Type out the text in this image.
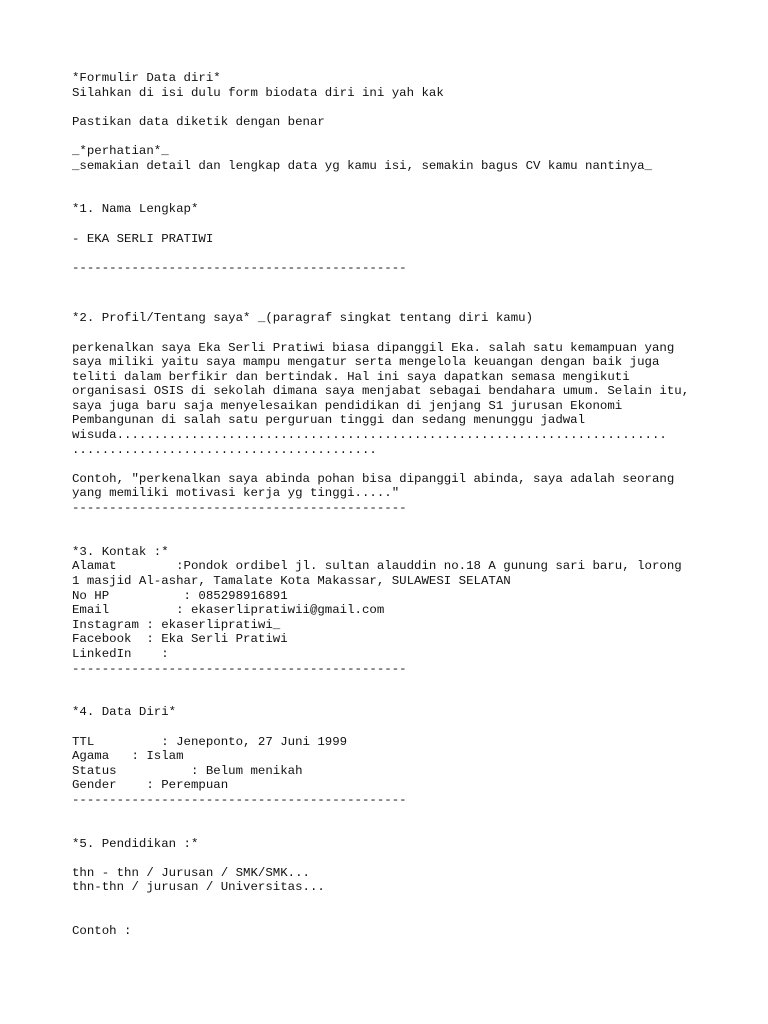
*Formulir Data diri*
Silahkan di isi dulu form biodata diri ini yah kak
Pastikan data diketik dengan benar
_*perhatian*_
_semakian detail dan lengkap data yg kamu isi, semakin bagus CV kamu nantinya_
*1. Nama Lengkap*
- EKA SERLI PRATIWI
---------------------------------------------
*2. Profil/Tentang saya* _(paragraf singkat tentang diri kamu)
perkenalkan saya Eka Serli Pratiwi biasa dipanggil Eka. salah satu kemampuan yang
saya miliki yaitu saya mampu mengatur serta mengelola keuangan dengan baik juga
teliti dalam berfikir dan bertindak. Hal ini saya dapatkan semasa mengikuti
organisasi OSIS di sekolah dimana saya menjabat sebagai bendahara umum. Selain itu,
saya juga baru saja menyelesaikan pendidikan di jenjang S1 jurusan Ekonomi
Pembangunan di salah satu perguruan tinggi dan sedang menunggu jadwal
wisuda..........................................................................
.........................................
Contoh, "perkenalkan saya abinda pohan bisa dipanggil abinda, saya adalah seorang
yang memiliki motivasi kerja yg tinggi....."
---------------------------------------------
*3. Kontak :*
Alamat        :Pondok ordibel jl. sultan alauddin no.18 A gunung sari baru, lorong
1 masjid Al-ashar, Tamalate Kota Makassar, SULAWESI SELATAN
No HP          : 085298916891
Email         : ekaserlipratiwii@gmail.com
Instagram : ekaserlipratiwi_
Facebook  : Eka Serli Pratiwi
LinkedIn    :
---------------------------------------------
*4. Data Diri*
TTL         : Jeneponto, 27 Juni 1999
Agama   : Islam
Status          : Belum menikah
Gender    : Perempuan
---------------------------------------------
*5. Pendidikan :*
thn - thn / Jurusan / SMK/SMK...
thn-thn / jurusan / Universitas...
Contoh :
